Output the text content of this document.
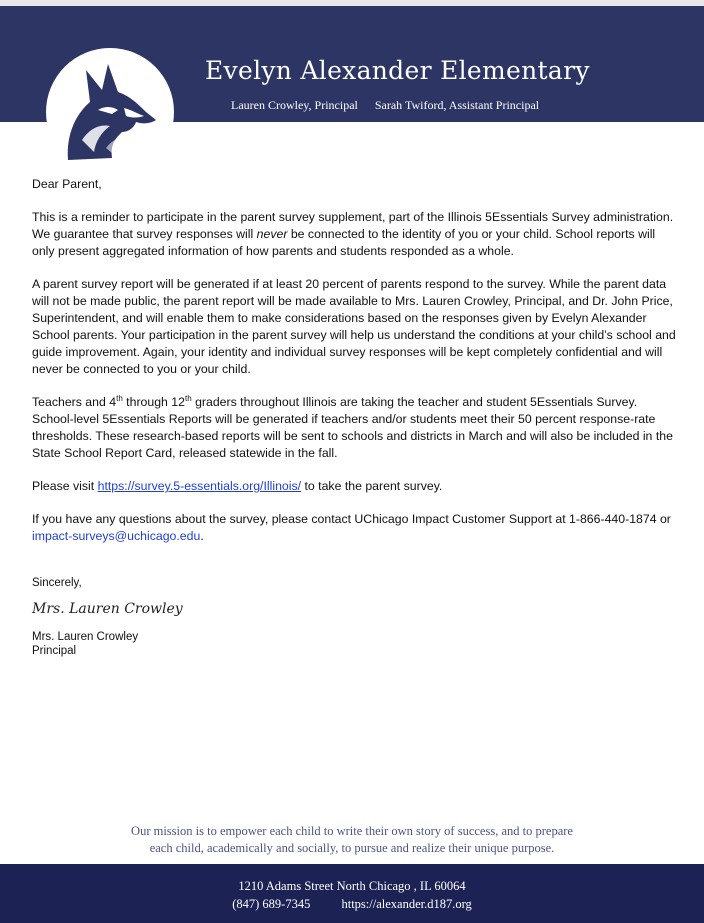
Evelyn Alexander Elementary
Lauren Crowley, Principal Sarah Twiford, Assistant Principal

Dear Parent,

This is a reminder to participate in the parent survey supplement, part of the Illinois 5Essentials Survey administration. We guarantee that survey responses will never be connected to the identity of you or your child. School reports will only present aggregated information of how parents and students responded as a whole.

A parent survey report will be generated if at least 20 percent of parents respond to the survey. While the parent data will not be made public, the parent report will be made available to Mrs. Lauren Crowley, Principal, and Dr. John Price, Superintendent, and will enable them to make considerations based on the responses given by Evelyn Alexander School parents. Your participation in the parent survey will help us understand the conditions at your child’s school and guide improvement. Again, your identity and individual survey responses will be kept completely confidential and will never be connected to you or your child.

Teachers and 4th through 12th graders throughout Illinois are taking the teacher and student 5Essentials Survey. School-level 5Essentials Reports will be generated if teachers and/or students meet their 50 percent response-rate thresholds. These research-based reports will be sent to schools and districts in March and will also be included in the State School Report Card, released statewide in the fall.

Please visit https://survey.5-essentials.org/Illinois/ to take the parent survey.

If you have any questions about the survey, please contact UChicago Impact Customer Support at 1-866-440-1874 or impact-surveys@uchicago.edu.

Sincerely,
Mrs. Lauren Crowley
Mrs. Lauren Crowley
Principal
Our mission is to empower each child to write their own story of success, and to prepare
each child, academically and socially, to pursue and realize their unique purpose.
1210 Adams Street North Chicago , IL 60064
(847) 689-7345 https://alexander.d187.org
